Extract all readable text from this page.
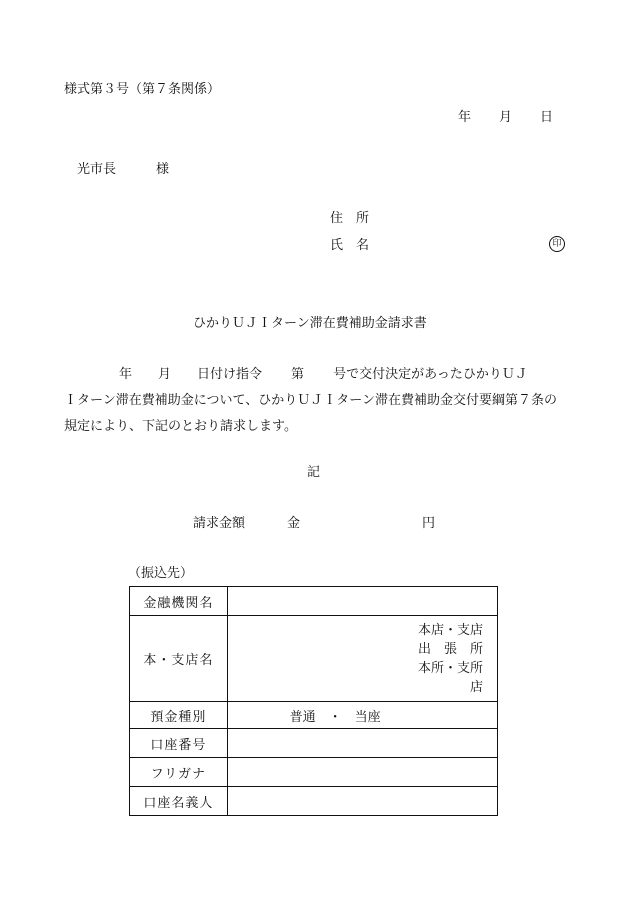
様式第３号（第７条関係）
年 月 日
光市長	様
住　所
氏　名	印
ひかりＵＪＩターン滞在費補助金請求書
年 月 日付け指令 第 号で交付決定があったひかりＵＪ
Ｉターン滞在費補助金について、ひかりＵＪＩターン滞在費補助金交付要綱第７条の
規定により、下記のとおり請求します。
記
請求金額	金	円
（振込先）
金融機関名	
本・支店名	本店・支店
出　張　所
本所・支所
店

預金種別	普通　・　当座
口座番号	
フリガナ	
口座名義人	
